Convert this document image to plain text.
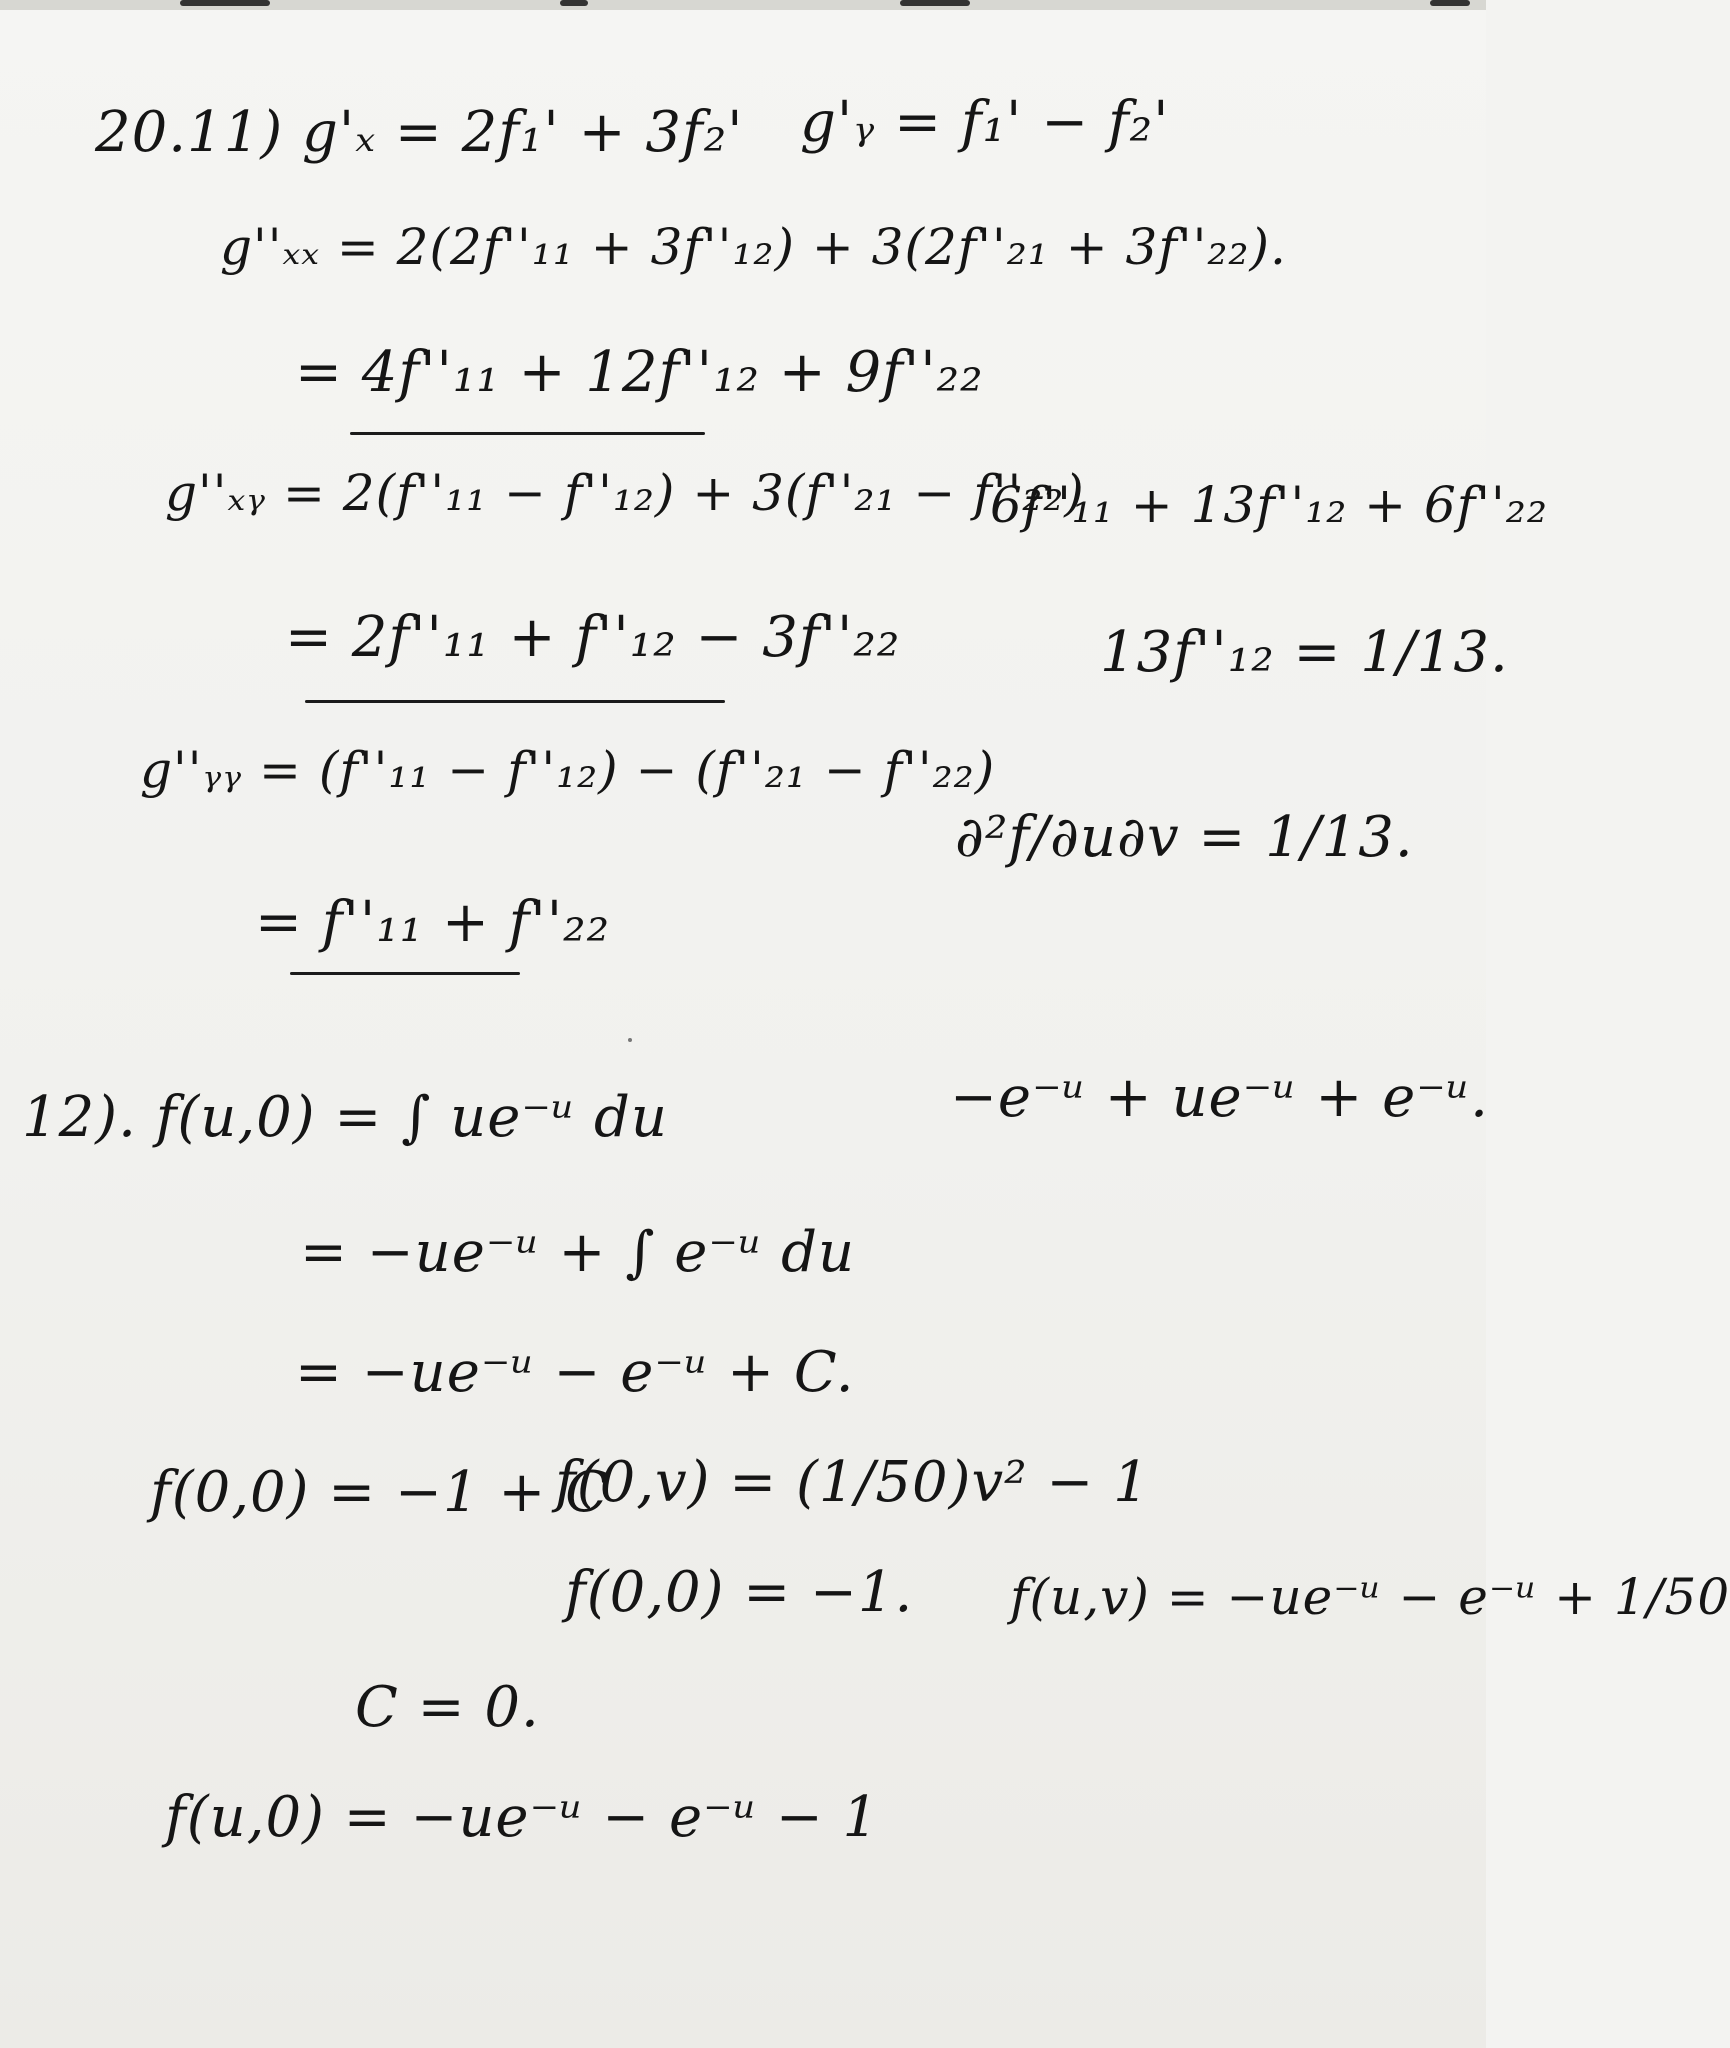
20.11) g'ₓ = 2f₁' + 3f₂' g'ᵧ = f₁' − f₂'
g''ₓₓ = 2(2f''₁₁ + 3f''₁₂) + 3(2f''₂₁ + 3f''₂₂).
= 4f''₁₁ + 12f''₁₂ + 9f''₂₂
g''ₓᵧ = 2(f''₁₁ − f''₁₂) + 3(f''₂₁ − f''₂₂)
6f''₁₁ + 13f''₁₂ + 6f''₂₂
= 2f''₁₁ + f''₁₂ − 3f''₂₂	13f''₁₂ = 1/13.
g''ᵧᵧ = (f''₁₁ − f''₁₂) − (f''₂₁ − f''₂₂)
∂²f/∂u∂v = 1/13.
= f''₁₁ + f''₂₂
12). f(u,0) = ∫ ue⁻ᵘ du	−e⁻ᵘ + ue⁻ᵘ + e⁻ᵘ.
= −ue⁻ᵘ + ∫ e⁻ᵘ du
= −ue⁻ᵘ − e⁻ᵘ + C.
f(0,0) = −1 + C
f(0,v) = (1/50)v² − 1
f(0,0) = −1. f(u,v) = −ue⁻ᵘ − e⁻ᵘ + 1/50
C = 0.
f(u,0) = −ue⁻ᵘ − e⁻ᵘ − 1
